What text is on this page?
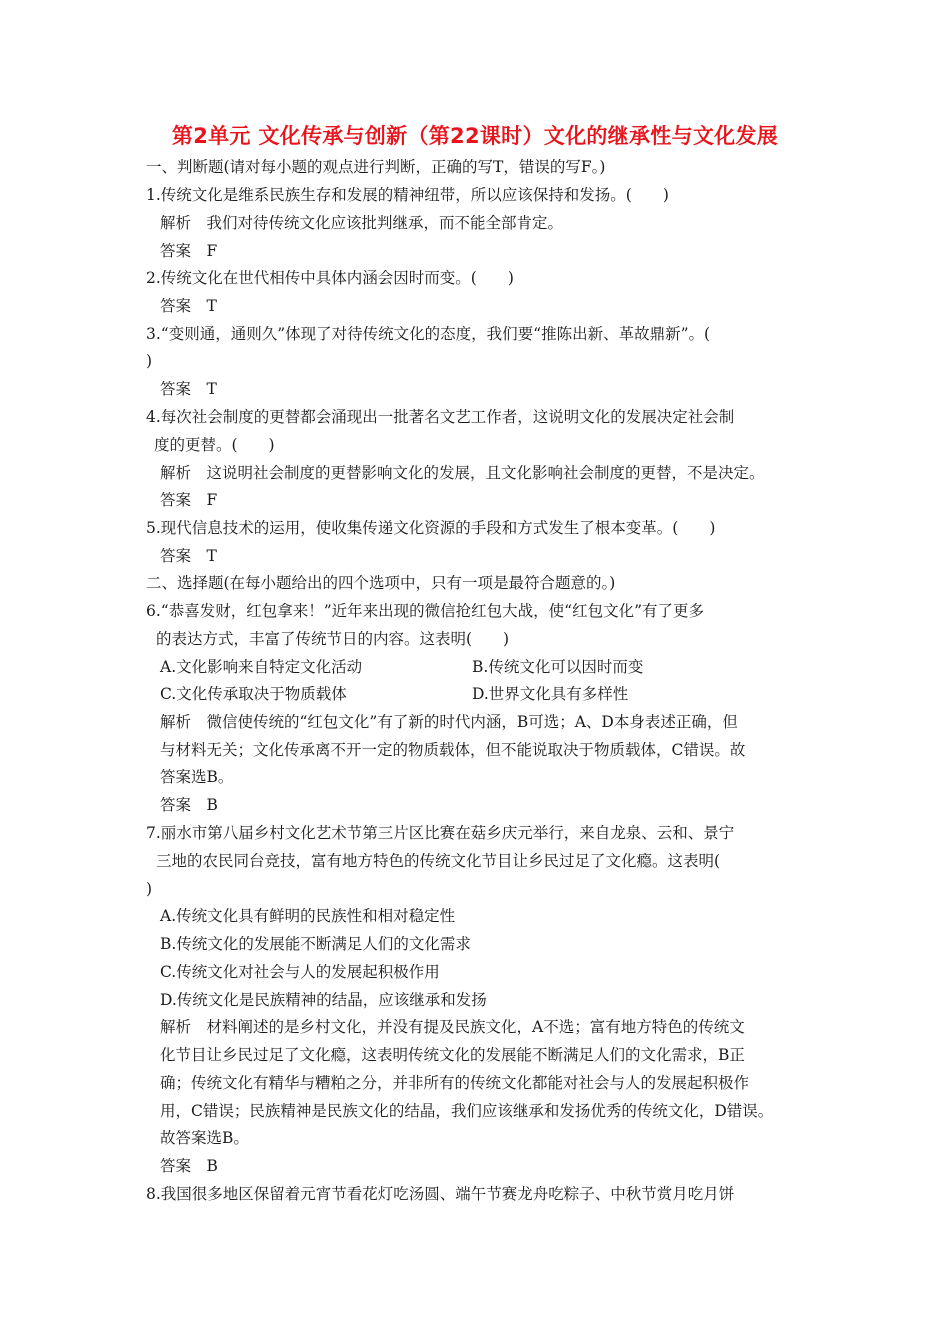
第2单元 文化传承与创新（第22课时）文化的继承性与文化发展
一、判断题(请对每小题的观点进行判断，正确的写T，错误的写F。)
1.传统文化是维系民族生存和发展的精神纽带，所以应该保持和发扬。(　　)
解析　我们对待传统文化应该批判继承，而不能全部肯定。
答案　F
2.传统文化在世代相传中具体内涵会因时而变。(　　)
答案　T
3.“变则通，通则久”体现了对待传统文化的态度，我们要“推陈出新、革故鼎新”。(
)
答案　T
4.每次社会制度的更替都会涌现出一批著名文艺工作者，这说明文化的发展决定社会制
度的更替。(　　)
解析　这说明社会制度的更替影响文化的发展，且文化影响社会制度的更替，不是决定。
答案　F
5.现代信息技术的运用，使收集传递文化资源的手段和方式发生了根本变革。(　　)
答案　T
二、选择题(在每小题给出的四个选项中，只有一项是最符合题意的。)
6.“恭喜发财，红包拿来！”近年来出现的微信抢红包大战，使“红包文化”有了更多
的表达方式，丰富了传统节日的内容。这表明(　　)
A.文化影响来自特定文化活动	B.传统文化可以因时而变
C.文化传承取决于物质载体	D.世界文化具有多样性
解析　微信使传统的“红包文化”有了新的时代内涵，B可选；A、D本身表述正确，但
与材料无关；文化传承离不开一定的物质载体，但不能说取决于物质载体，C错误。故
答案选B。
答案　B
7.丽水市第八届乡村文化艺术节第三片区比赛在菇乡庆元举行，来自龙泉、云和、景宁
三地的农民同台竞技，富有地方特色的传统文化节目让乡民过足了文化瘾。这表明(
)
A.传统文化具有鲜明的民族性和相对稳定性
B.传统文化的发展能不断满足人们的文化需求
C.传统文化对社会与人的发展起积极作用
D.传统文化是民族精神的结晶，应该继承和发扬
解析　材料阐述的是乡村文化，并没有提及民族文化，A不选；富有地方特色的传统文
化节目让乡民过足了文化瘾，这表明传统文化的发展能不断满足人们的文化需求，B正
确；传统文化有精华与糟粕之分，并非所有的传统文化都能对社会与人的发展起积极作
用，C错误；民族精神是民族文化的结晶，我们应该继承和发扬优秀的传统文化，D错误。
故答案选B。
答案　B
8.我国很多地区保留着元宵节看花灯吃汤圆、端午节赛龙舟吃粽子、中秋节赏月吃月饼
